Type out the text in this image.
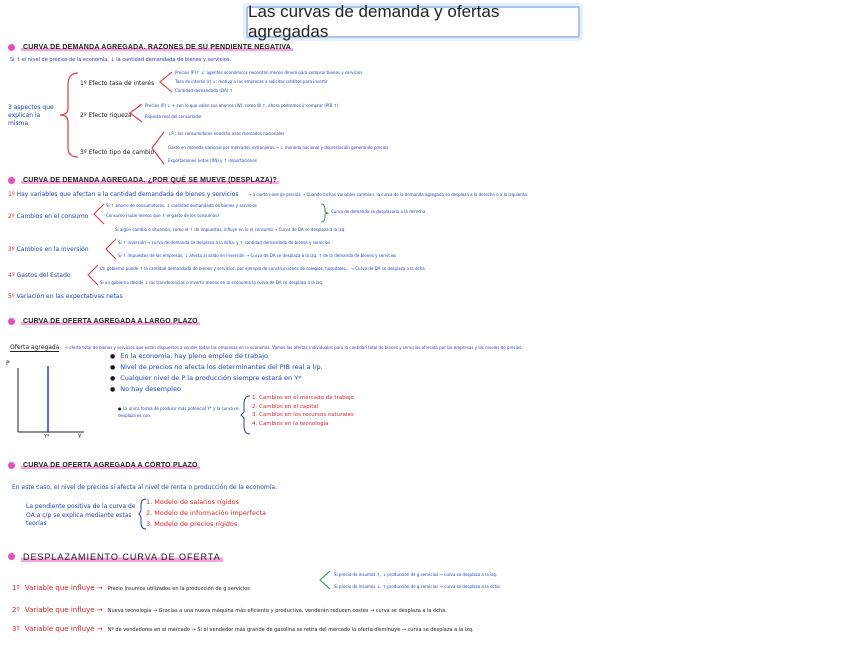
Las curvas de demanda y ofertas agregadas
CURVA DE DEMANDA AGREGADA. RAZONES DE SU PENDIENTE NEGATIVA
Si ↑ el nivel de precios de la economía, ↓ la cantidad demandada de bienes y servicios.
3 aspectos que explican la misma
1º Efecto tasa de interés
Precios (P)↑ ↓: agentes económicos necesitan menos dinero para comprar bienes y servicios
Tasa de interés (r) ↓: motiva a las empresas a solicitar créditos para invertir
Cantidad demandada (DA) ↑
2º Efecto riqueza
Precios (P) ↓ + con lo que valen sus ahorros (W), como W ↑, ahora podremos ir comprar (PIB ↑)
Riqueza real del consumidor
3º Efecto tipo de cambio
↓P : los consumidores vendrán a los mercados nacionales
Gasto en moneda nacional por mercados extranjeros → ↓ moneda nacional y depreciación generando precios
Exportaciones netas (XN) y ↑ importaciones
CURVA DE DEMANDA AGREGADA. ¿POR QUÉ SE MUEVE (DESPLAZA)?
1º Hay variables que afectan a la cantidad demandada de bienes y servicios → a cierto nivel de precios → Cuando dichas variables cambian, la curva de la demanda agregada se desplaza a la derecha o a la izquierda.
2º Cambios en el consumo
Si ↑ ahorro de consumidores, ↓ cantidad demandada de bienes y servicios
Consumo (sube menos que ↑ el gasto de los consumos)
Curva de demanda se desplazaría a la derecha.
Si algún cambio o situación, como el ↑ de impuestos, influye en lo el consumo → Curva de DA se desplaza a la izq.
3º Cambios en la inversión
Si ↑ inversión → curva de demanda se desplaza a la dcha. y ↑ cantidad demandada de bienes y servicios
Si ↑ impuestos de las empresas, ↓ afecta al saldo en inversión → Curva de DA se desplaza a la izq. ↑ de la demanda de bienes y servicios
4º Gastos del Estado
Un gobierno puede ↑ la cantidad demandada de bienes y servicios, por ejemplo de construcciones de colegios, hospitales... → Curva de DA se desplaza a la dcha.
Si un gobierno decide ↓ las transferencias o invertir menos en la economía la curva de DA se desplaza a la izq.
5º Variación en las expectativas netas
CURVA DE OFERTA AGREGADA A LARGO PLAZO
Oferta agregada → oferta total de bienes y servicios que están dispuestos a vender todas las empresas en la economía. Vamos las ofertas individuales para la cantidad total de bienes y servicios ofrecida por las empresas y los niveles de precios.
P
Y*	Y
● En la economía, hay pleno empleo de trabajo.
● Nivel de precios no afecta los determinantes del PIB real a l/p.
● Cualquier nivel de P la producción siempre estará en Y*
● No hay desempleo
● La única forma de producir más potencial Y* y la curva se desplaza es con
1. Cambios en el mercado de trabajo
2. Cambios en el capital
3. Cambios en los recursos naturales
4. Cambios en la tecnología
CURVA DE OFERTA AGREGADA A CORTO PLAZO
En este caso, el nivel de precios sí afecta al nivel de renta o producción de la economía.
La pendiente positiva de la curva de OA a c/p se explica mediante estas teorías
1. Modelo de salarios rígidos
2. Modelo de información imperfecta
3. Modelo de precios rígidos
DESPLAZAMIENTO CURVA DE OFERTA
1º Variable que influye → Precio insumos utilizados en la producción de g.servicios
Si precio de insumos ↑, ↓ producción de g.servicios → curva se desplaza a la izq.
Si precio de insumos ↓, ↑ producción de g.servicios → curva se desplaza a la dcha.
2º Variable que influye → Nueva tecnología → Gracias a una nueva máquina más eficiente y productiva, venderán reducen costes → curva se desplaza a la dcha.
3º Variable que influye → Nº de vendedores en el mercado → Si el vendedor más grande de gasolina se retira del mercado la oferta disminuye → curva se desplaza a la izq.
